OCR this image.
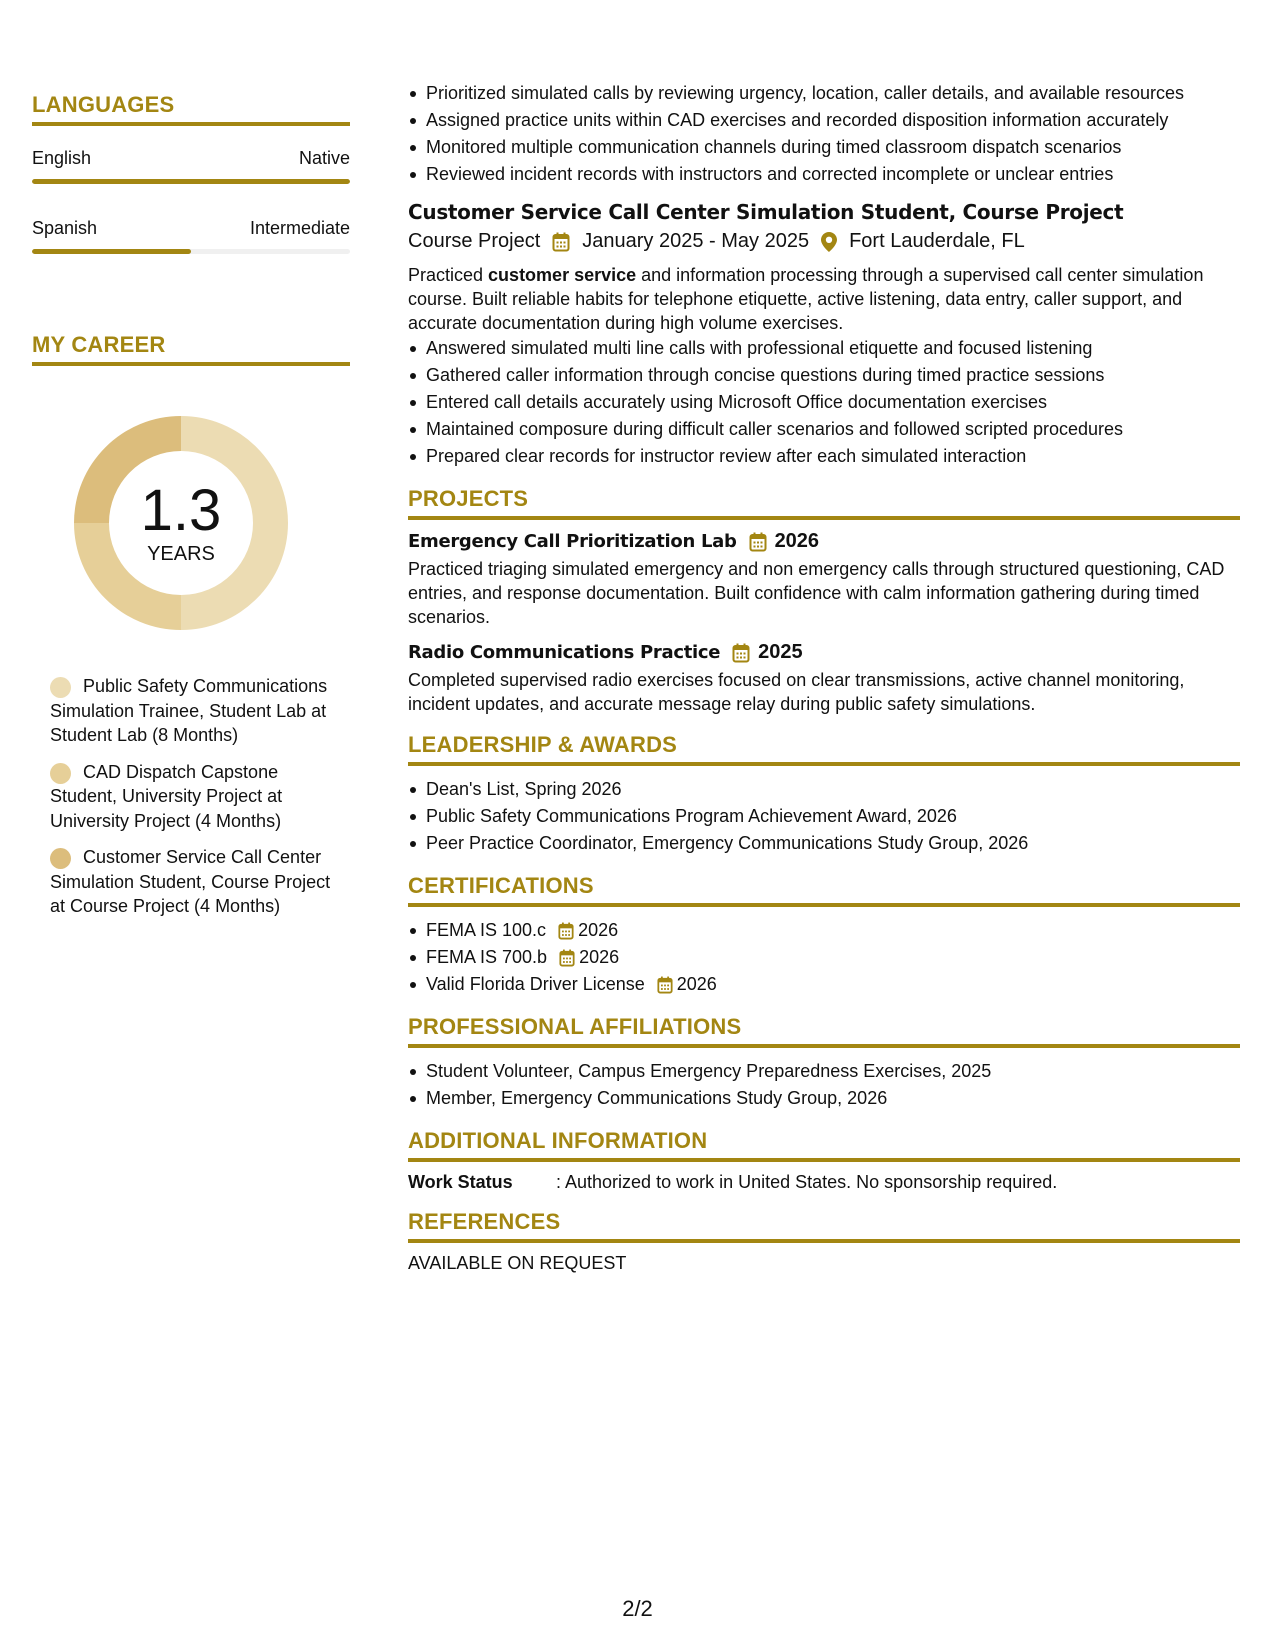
LANGUAGES
English	Native
Spanish	Intermediate
MY CAREER
1.3
YEARS
Public Safety Communications Simulation Trainee, Student Lab at Student Lab (8 Months)
CAD Dispatch Capstone Student, University Project at University Project (4 Months)
Customer Service Call Center Simulation Student, Course Project at Course Project (4 Months)
Prioritized simulated calls by reviewing urgency, location, caller details, and available resources
Assigned practice units within CAD exercises and recorded disposition information accurately
Monitored multiple communication channels during timed classroom dispatch scenarios
Reviewed incident records with instructors and corrected incomplete or unclear entries
Customer Service Call Center Simulation Student, Course Project
Course Project January 2025 - May 2025 Fort Lauderdale, FL
Practiced customer service and information processing through a supervised call center simulation course. Built reliable habits for telephone etiquette, active listening, data entry, caller support, and accurate documentation during high volume exercises.
Answered simulated multi line calls with professional etiquette and focused listening
Gathered caller information through concise questions during timed practice sessions
Entered call details accurately using Microsoft Office documentation exercises
Maintained composure during difficult caller scenarios and followed scripted procedures
Prepared clear records for instructor review after each simulated interaction
PROJECTS
Emergency Call Prioritization Lab 2026
Practiced triaging simulated emergency and non emergency calls through structured questioning, CAD entries, and response documentation. Built confidence with calm information gathering during timed scenarios.
Radio Communications Practice 2025
Completed supervised radio exercises focused on clear transmissions, active channel monitoring, incident updates, and accurate message relay during public safety simulations.
LEADERSHIP & AWARDS
Dean's List, Spring 2026
Public Safety Communications Program Achievement Award, 2026
Peer Practice Coordinator, Emergency Communications Study Group, 2026
CERTIFICATIONS
FEMA IS 100.c 2026
FEMA IS 700.b 2026
Valid Florida Driver License 2026
PROFESSIONAL AFFILIATIONS
Student Volunteer, Campus Emergency Preparedness Exercises, 2025
Member, Emergency Communications Study Group, 2026
ADDITIONAL INFORMATION
Work Status	: Authorized to work in United States. No sponsorship required.
REFERENCES
AVAILABLE ON REQUEST
2/2
